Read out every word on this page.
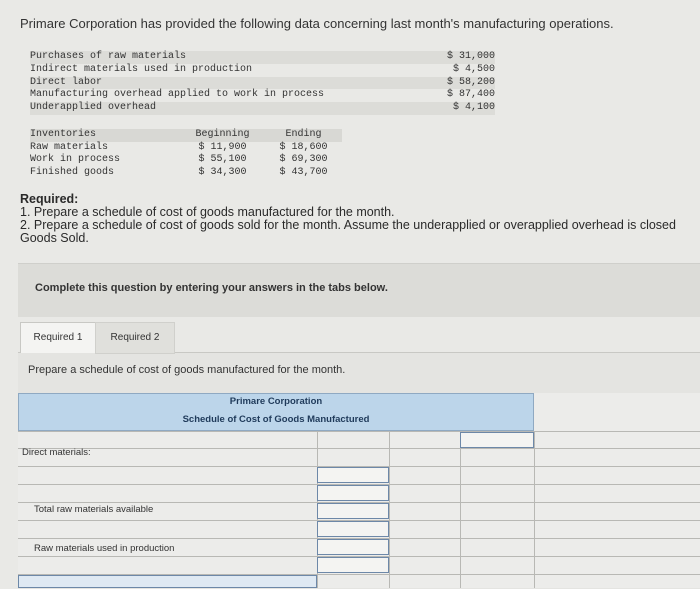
Primare Corporation has provided the following data concerning last month's manufacturing operations.
Purchases of raw materials	$ 31,000
Indirect materials used in production	$ 4,500
Direct labor	$ 58,200
Manufacturing overhead applied to work in process	$ 87,400
Underapplied overhead	$ 4,100
Inventories	Beginning	Ending
Raw materials	$ 11,900	$ 18,600
Work in process	$ 55,100	$ 69,300
Finished goods	$ 34,300	$ 43,700
Required:
1. Prepare a schedule of cost of goods manufactured for the month.
2. Prepare a schedule of cost of goods sold for the month. Assume the underapplied or overapplied overhead is closed
Goods Sold.
Complete this question by entering your answers in the tabs below.
Required 1	Required 2
Prepare a schedule of cost of goods manufactured for the month.
Primare Corporation
Schedule of Cost of Goods Manufactured
Direct materials:
Total raw materials available
Raw materials used in production
